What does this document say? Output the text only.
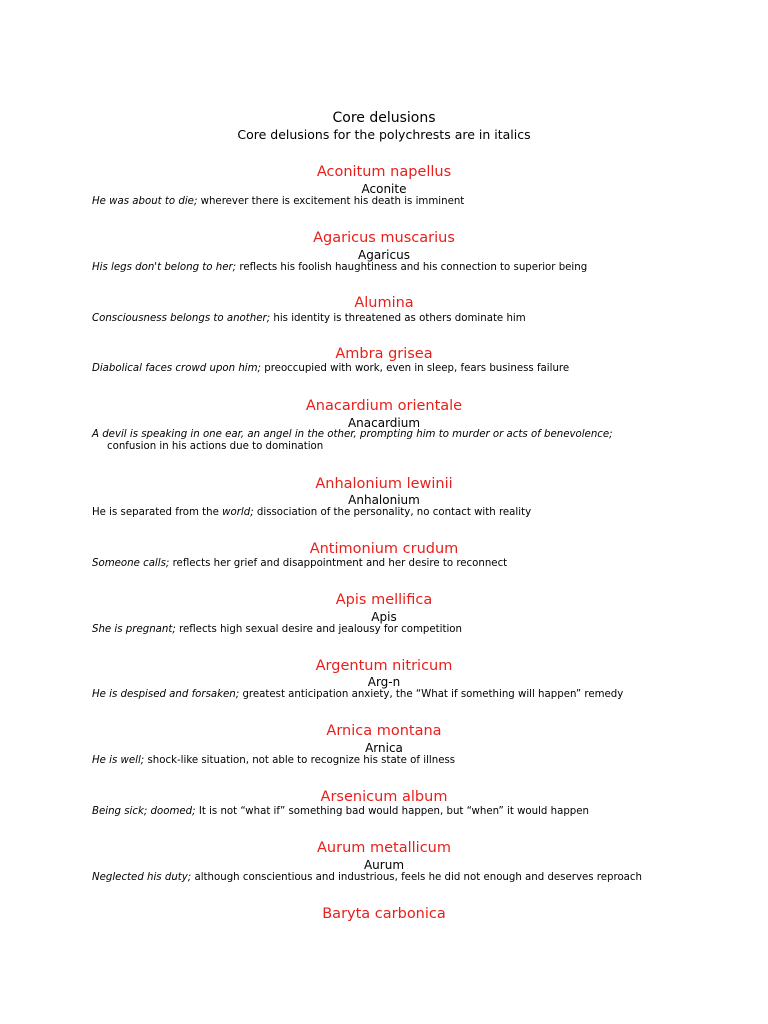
Core delusions
Core delusions for the polychrests are in italics
Aconitum napellus
Aconite
He was about to die; wherever there is excitement his death is imminent
Agaricus muscarius
Agaricus
His legs don't belong to her; reflects his foolish haughtiness and his connection to superior being
Alumina
Consciousness belongs to another; his identity is threatened as others dominate him
Ambra grisea
Diabolical faces crowd upon him; preoccupied with work, even in sleep, fears business failure
Anacardium orientale
Anacardium
A devil is speaking in one ear, an angel in the other, prompting him to murder or acts of benevolence;
confusion in his actions due to domination
Anhalonium lewinii
Anhalonium
He is separated from the world; dissociation of the personality, no contact with reality
Antimonium crudum
Someone calls; reflects her grief and disappointment and her desire to reconnect
Apis mellifica
Apis
She is pregnant; reflects high sexual desire and jealousy for competition
Argentum nitricum
Arg-n
He is despised and forsaken; greatest anticipation anxiety, the “What if something will happen” remedy
Arnica montana
Arnica
He is well; shock-like situation, not able to recognize his state of illness
Arsenicum album
Being sick; doomed; It is not “what if” something bad would happen, but “when” it would happen
Aurum metallicum
Aurum
Neglected his duty; although conscientious and industrious, feels he did not enough and deserves reproach
Baryta carbonica
